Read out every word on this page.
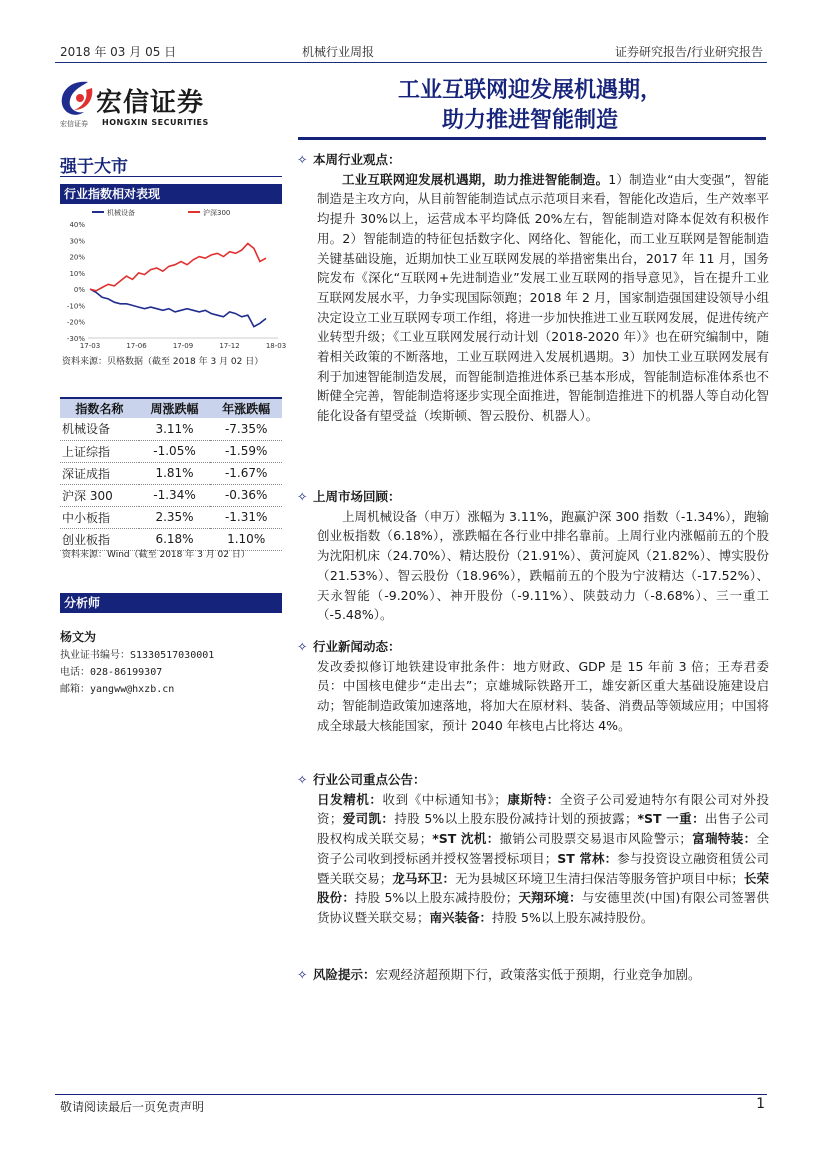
2018 年 03 月 05 日	机械行业周报	证券研究报告/行业研究报告
宏信证券
宏信证券 HONGXIN SECURITIES
工业互联网迎发展机遇期，
助力推进智能制造
强于大市
行业指数相对表现
40%
30%
20%
10%
0%
-10%
-20%
-30%
17-03	17-06	17-09	17-12	18-03
机械设备	沪深300
资料来源：贝格数据（截至 2018 年 3 月 02 日）
指数名称	周涨跌幅	年涨跌幅
机械设备	3.11%	-7.35%
上证综指	-1.05%	-1.59%
深证成指	1.81%	-1.67%
沪深 300	-1.34%	-0.36%
中小板指	2.35%	-1.31%
创业板指	6.18%	1.10%
资料来源：Wind（截至 2018 年 3 月 02 日）
分析师
杨文为
执业证书编号：S1330517030001
电话：028-86199307
邮箱：yangww@hxzb.cn
✧ 本周行业观点：

工业互联网迎发展机遇期，助力推进智能制造。1）制造业“由大变强”，智能制造是主攻方向，从目前智能制造试点示范项目来看，智能化改造后，生产效率平均提升 30%以上，运营成本平均降低 20%左右，智能制造对降本促效有积极作用。2）智能制造的特征包括数字化、网络化、智能化，而工业互联网是智能制造关键基础设施，近期加快工业互联网发展的举措密集出台，2017 年 11 月，国务院发布《深化“互联网+先进制造业”发展工业互联网的指导意见》，旨在提升工业互联网发展水平，力争实现国际领跑；2018 年 2 月，国家制造强国建设领导小组决定设立工业互联网专项工作组，将进一步加快推进工业互联网发展，促进传统产业转型升级；《工业互联网发展行动计划（2018-2020 年）》也在研究编制中，随着相关政策的不断落地，工业互联网进入发展机遇期。3）加快工业互联网发展有利于加速智能制造发展，而智能制造推进体系已基本形成，智能制造标准体系也不断健全完善，智能制造将逐步实现全面推进，智能制造推进下的机器人等自动化智能化设备有望受益（埃斯顿、智云股份、机器人）。

✧ 上周市场回顾：

上周机械设备（申万）涨幅为 3.11%，跑赢沪深 300 指数（-1.34%），跑输创业板指数（6.18%），涨跌幅在各行业中排名靠前。上周行业内涨幅前五的个股为沈阳机床（24.70%）、精达股份（21.91%）、黄河旋风（21.82%）、博实股份（21.53%）、智云股份（18.96%），跌幅前五的个股为宁波精达（-17.52%）、天永智能（-9.20%）、神开股份（-9.11%）、陕鼓动力（-8.68%）、三一重工（-5.48%）。

✧ 行业新闻动态：

发改委拟修订地铁建设审批条件：地方财政、GDP 是 15 年前 3 倍；王寿君委员：中国核电健步“走出去”；京雄城际铁路开工，雄安新区重大基础设施建设启动；智能制造政策加速落地，将加大在原材料、装备、消费品等领域应用；中国将成全球最大核能国家，预计 2040 年核电占比将达 4%。

✧ 行业公司重点公告：

日发精机：收到《中标通知书》；康斯特：全资子公司爱迪特尔有限公司对外投资；爱司凯：持股 5%以上股东股份减持计划的预披露；*ST 一重：出售子公司股权构成关联交易；*ST 沈机：撤销公司股票交易退市风险警示；富瑞特装：全资子公司收到授标函并授权签署授标项目；ST 常林：参与投资设立融资租赁公司暨关联交易；龙马环卫：无为县城区环境卫生清扫保洁等服务管护项目中标；长荣股份：持股 5%以上股东减持股份；天翔环境：与安德里茨(中国)有限公司签署供货协议暨关联交易；南兴装备：持股 5%以上股东减持股份。

✧ 风险提示：宏观经济超预期下行，政策落实低于预期，行业竞争加剧。
敬请阅读最后一页免责声明	1
